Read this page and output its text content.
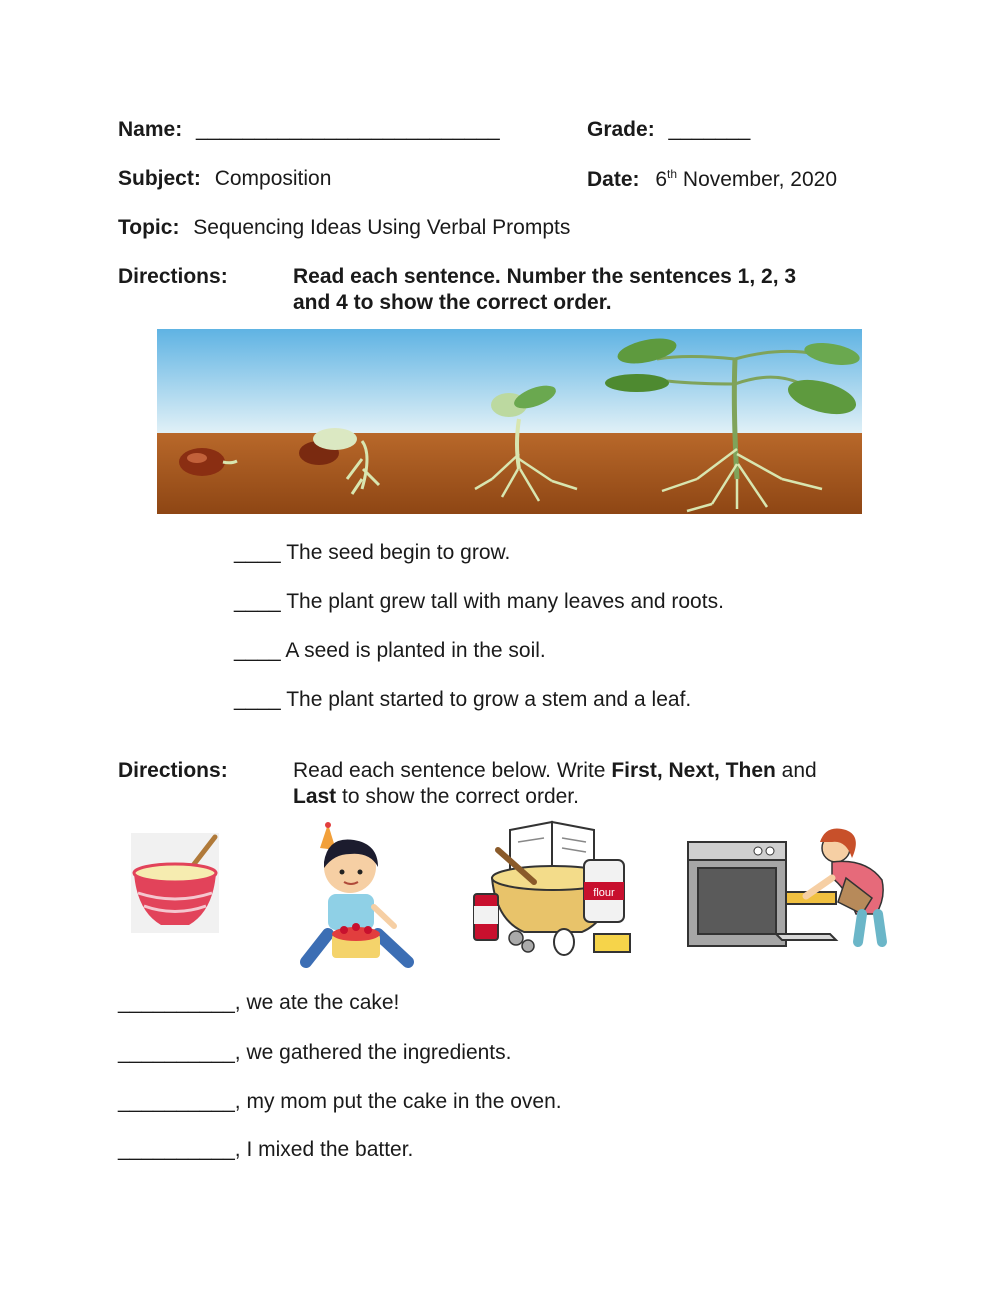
Name: __________________________	Grade: _______
Subject: Composition	Date: 6th November, 2020
Topic: Sequencing Ideas Using Verbal Prompts
Directions:	Read each sentence. Number the sentences 1, 2, 3
and 4 to show the correct order.
____ The seed begin to grow.
____ The plant grew tall with many leaves and roots.
____ A seed is planted in the soil.
____ The plant started to grow a stem and a leaf.
Directions:	Read each sentence below. Write First, Next, Then and
Last to show the correct order.
flour
__________, we ate the cake!
__________, we gathered the ingredients.
__________, my mom put the cake in the oven.
__________, I mixed the batter.
